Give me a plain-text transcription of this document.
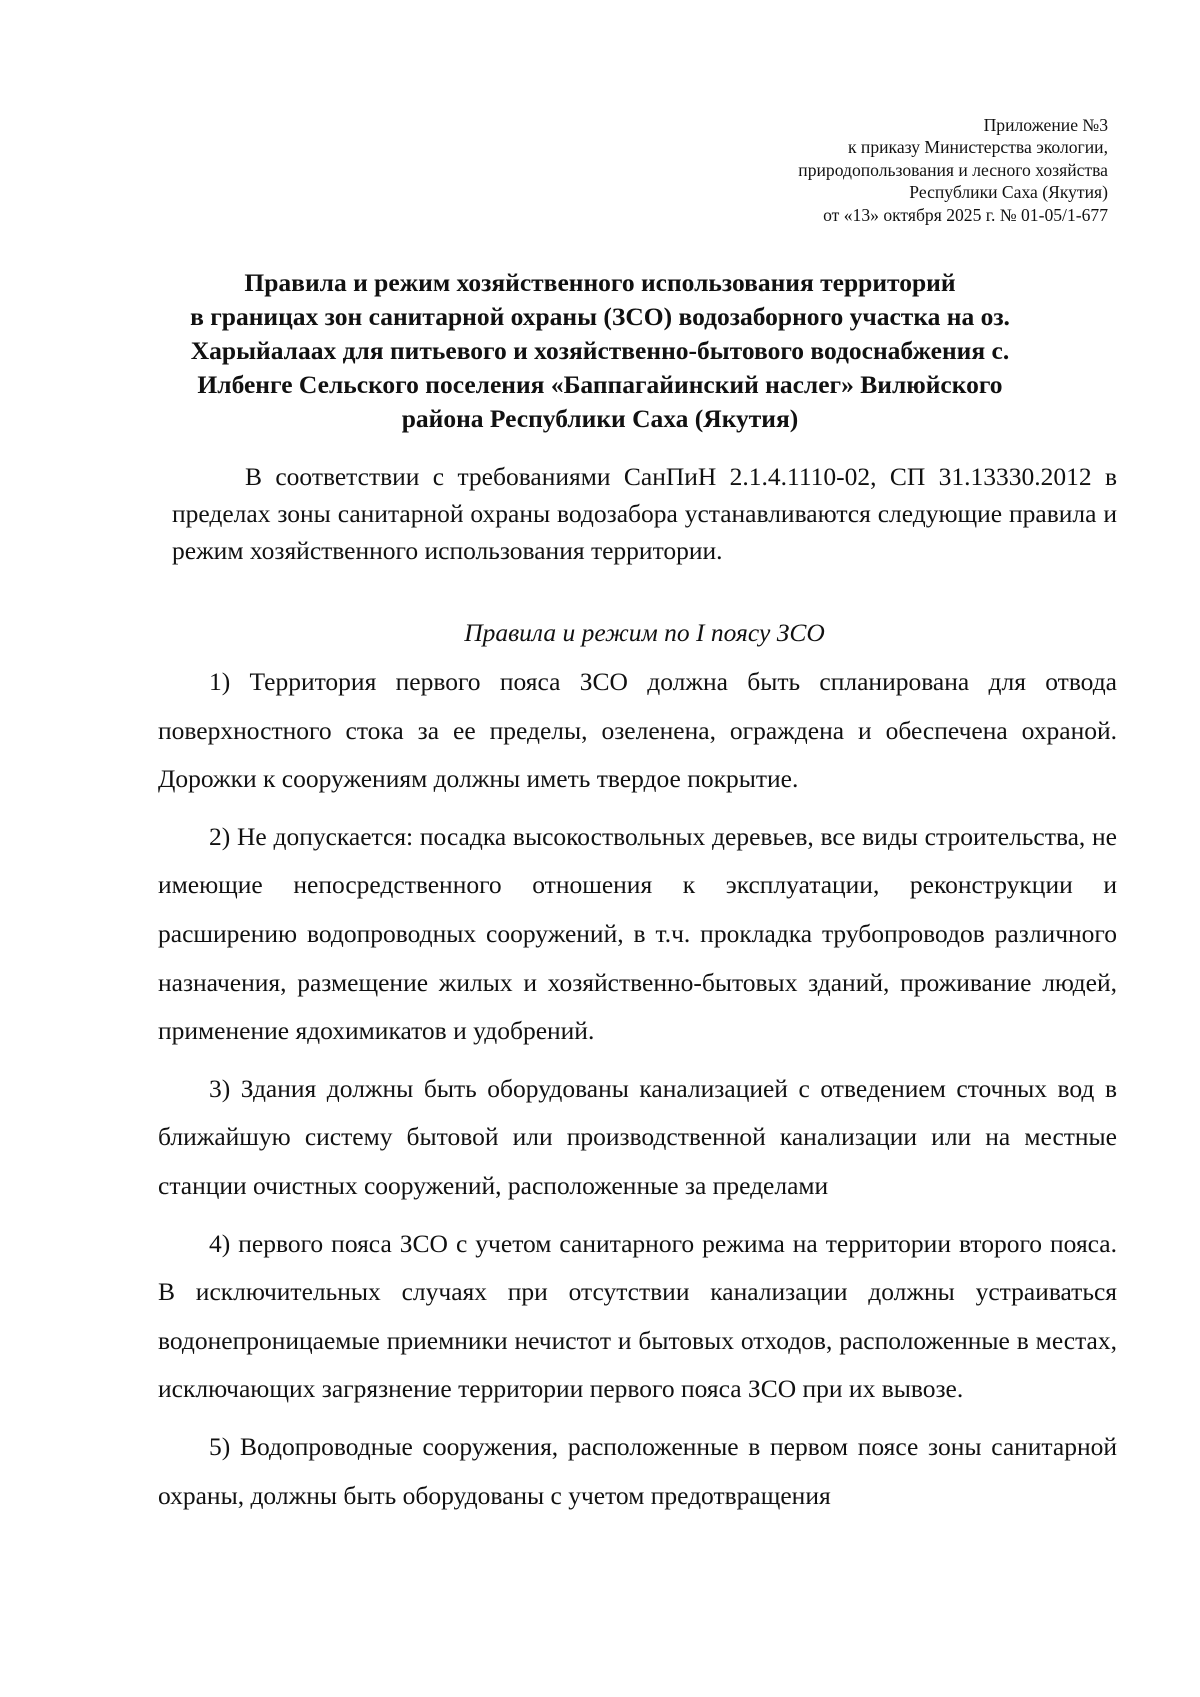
Приложение №3
к приказу Министерства экологии,
природопользования и лесного хозяйства
Республики Саха (Якутия)
от «13» октября 2025 г. № 01-05/1-677
Правила и режим хозяйственного использования территорий
в границах зон санитарной охраны (ЗСО) водозаборного участка на оз.
Харыйалаах для питьевого и хозяйственно-бытового водоснабжения с.
Илбенге Сельского поселения «Баппагайинский наслег» Вилюйского
района Республики Саха (Якутия)

В соответствии с требованиями СанПиН 2.1.4.1110-02, СП 31.13330.2012 в пределах зоны санитарной охраны водозабора устанавливаются следующие правила и режим хозяйственного использования территории.

Правила и режим по I поясу ЗСО

1) Территория первого пояса ЗСО должна быть спланирована для отвода поверхностного стока за ее пределы, озеленена, ограждена и обеспечена охраной. Дорожки к сооружениям должны иметь твердое покрытие.

2) Не допускается: посадка высокоствольных деревьев, все виды строительства, не имеющие непосредственного отношения к эксплуатации, реконструкции и расширению водопроводных сооружений, в т.ч. прокладка трубопроводов различного назначения, размещение жилых и хозяйственно-бытовых зданий, проживание людей, применение ядохимикатов и удобрений.

3) Здания должны быть оборудованы канализацией с отведением сточных вод в ближайшую систему бытовой или производственной канализации или на местные станции очистных сооружений, расположенные за пределами

4) первого пояса ЗСО с учетом санитарного режима на территории второго пояса. В исключительных случаях при отсутствии канализации должны устраиваться водонепроницаемые приемники нечистот и бытовых отходов, расположенные в местах, исключающих загрязнение территории первого пояса ЗСО при их вывозе.

5) Водопроводные сооружения, расположенные в первом поясе зоны санитарной охраны, должны быть оборудованы с учетом предотвращения
